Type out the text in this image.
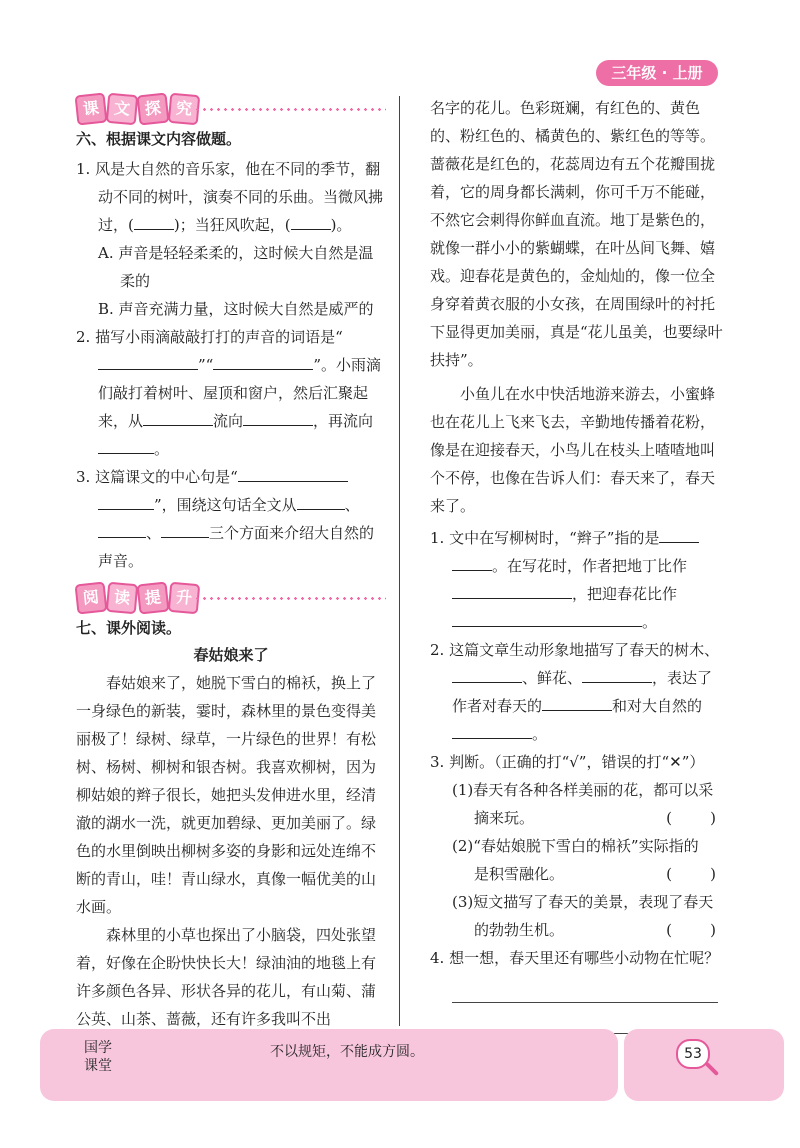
三年级 · 上册
课 文 探 究
六、根据课文内容做题。
1. 风是大自然的音乐家，他在不同的季节，翻动不同的树叶，演奏不同的乐曲。当微风拂过，(	)；当狂风吹起，(	)。
A. 声音是轻轻柔柔的，这时候大自然是温柔的
B. 声音充满力量，这时候大自然是威严的
2. 描写小雨滴敲敲打打的声音的词语是“”“	”。小雨滴们敲打着树叶、屋顶和窗户，然后汇聚起来，从	流向	，再流向。
3. 这篇课文的中心句是“”，围绕这句话全文从	、、	三个方面来介绍大自然的声音。
阅 读 提 升
七、课外阅读。
春姑娘来了
春姑娘来了，她脱下雪白的棉袄，换上了一身绿色的新装，霎时，森林里的景色变得美丽极了！绿树、绿草，一片绿色的世界！有松树、杨树、柳树和银杏树。我喜欢柳树，因为柳姑娘的辫子很长，她把头发伸进水里，经清澈的湖水一洗，就更加碧绿、更加美丽了。绿色的水里倒映出柳树多姿的身影和远处连绵不断的青山，哇！青山绿水，真像一幅优美的山水画。
森林里的小草也探出了小脑袋，四处张望着，好像在企盼快快长大！绿油油的地毯上有许多颜色各异、形状各异的花儿，有山菊、蒲公英、山茶、蔷薇，还有许多我叫不出
名字的花儿。色彩斑斓，有红色的、黄色的、粉红色的、橘黄色的、紫红色的等等。蔷薇花是红色的，花蕊周边有五个花瓣围拢着，它的周身都长满刺，你可千万不能碰，不然它会刺得你鲜血直流。地丁是紫色的，就像一群小小的紫蝴蝶，在叶丛间飞舞、嬉戏。迎春花是黄色的，金灿灿的，像一位全身穿着黄衣服的小女孩，在周围绿叶的衬托下显得更加美丽，真是“花儿虽美，也要绿叶扶持”。
小鱼儿在水中快活地游来游去，小蜜蜂也在花儿上飞来飞去，辛勤地传播着花粉，像是在迎接春天，小鸟儿在枝头上喳喳地叫个不停，也像在告诉人们：春天来了，春天来了。
1. 文中在写柳树时，“辫子”指的是。在写花时，作者把地丁比作，把迎春花比作。
2. 这篇文章生动形象地描写了春天的树木、、鲜花、	，表达了作者对春天的	和对大自然的。
3. 判断。（正确的打“√”，错误的打“✕”）
(1)春天有各种各样美丽的花，都可以采
摘来玩。	(        )
(2)“春姑娘脱下雪白的棉袄”实际指的
是积雪融化。	(        )
(3)短文描写了春天的美景，表现了春天
的勃勃生机。	(        )
4. 想一想，春天里还有哪些小动物在忙呢？
国学课堂
不以规矩，不能成方圆。	53
